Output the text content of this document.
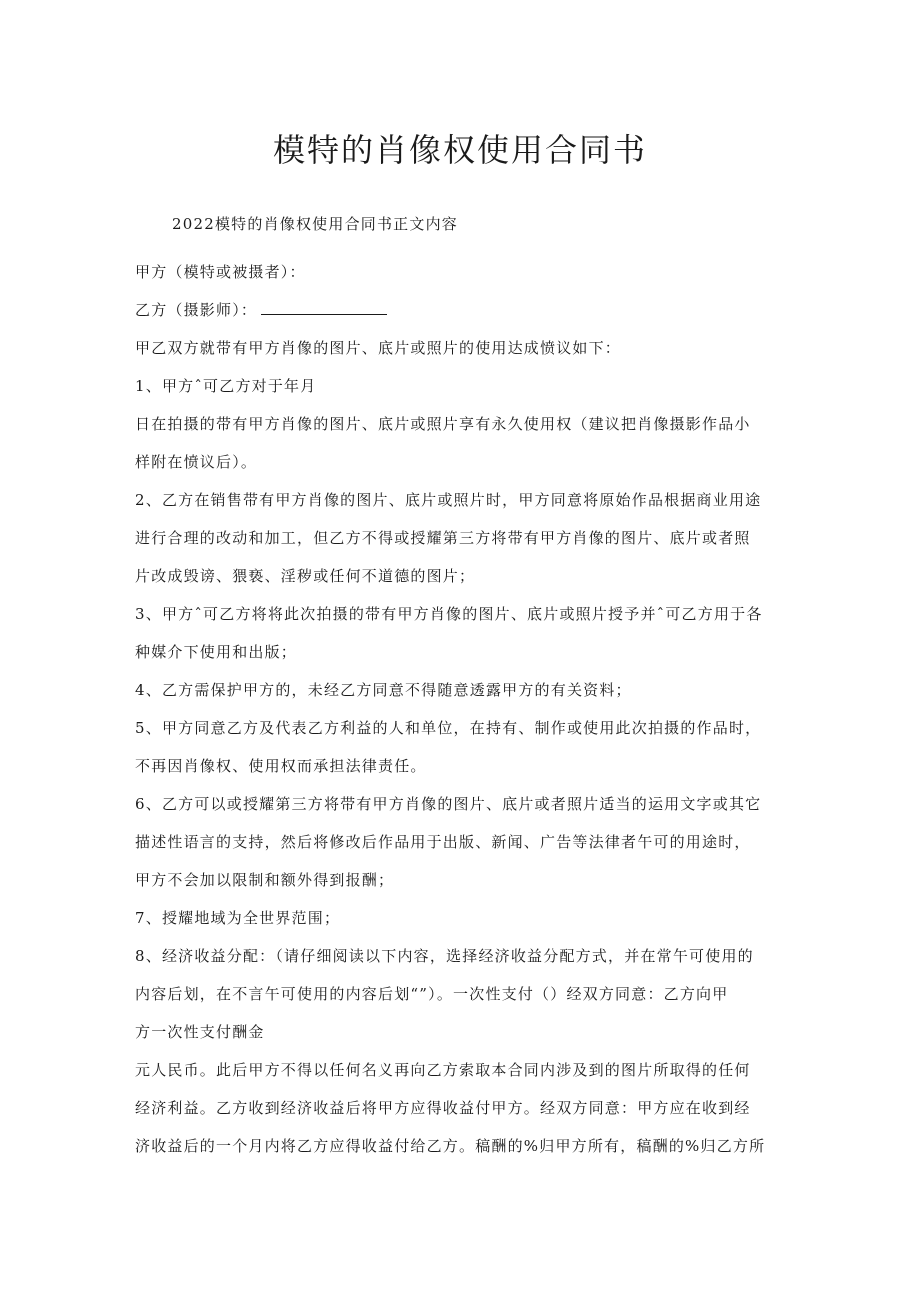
模特的肖像权使用合同书

2022模特的肖像权使用合同书正文内容

甲方（模特或被摄者）：

乙方（摄影师）：

甲乙双方就带有甲方肖像的图片、底片或照片的使用达成愤议如下：

1、甲方ˆ可乙方对于年月

日在拍摄的带有甲方肖像的图片、底片或照片享有永久使用权（建议把肖像摄影作品小

样附在愤议后）。

2、乙方在销售带有甲方肖像的图片、底片或照片时，甲方同意将原始作品根据商业用途

进行合理的改动和加工，但乙方不得或授耀第三方将带有甲方肖像的图片、底片或者照

片改成毁谤、猥亵、淫秽或任何不道德的图片；

3、甲方ˆ可乙方将将此次拍摄的带有甲方肖像的图片、底片或照片授予并ˆ可乙方用于各

种媒介下使用和出版；

4、乙方需保护甲方的，未经乙方同意不得随意透露甲方的有关资料；

5、甲方同意乙方及代表乙方利益的人和单位，在持有、制作或使用此次拍摄的作品时，

不再因肖像权、使用权而承担法律责任。

6、乙方可以或授耀第三方将带有甲方肖像的图片、底片或者照片适当的运用文字或其它

描述性语言的支持，然后将修改后作品用于出版、新闻、广告等法律者午可的用途时，

甲方不会加以限制和额外得到报酬；

7、授耀地域为全世界范围；

8、经济收益分配：（请仔细阅读以下内容，选择经济收益分配方式，并在常午可使用的

内容后划，在不言午可使用的内容后划“”）。一次性支付（）经双方同意：乙方向甲

方一次性支付酬金

元人民币。此后甲方不得以任何名义再向乙方索取本合同内涉及到的图片所取得的任何

经济利益。乙方收到经济收益后将甲方应得收益付甲方。经双方同意：甲方应在收到经

济收益后的一个月内将乙方应得收益付给乙方。稿酬的%归甲方所有，稿酬的%归乙方所
